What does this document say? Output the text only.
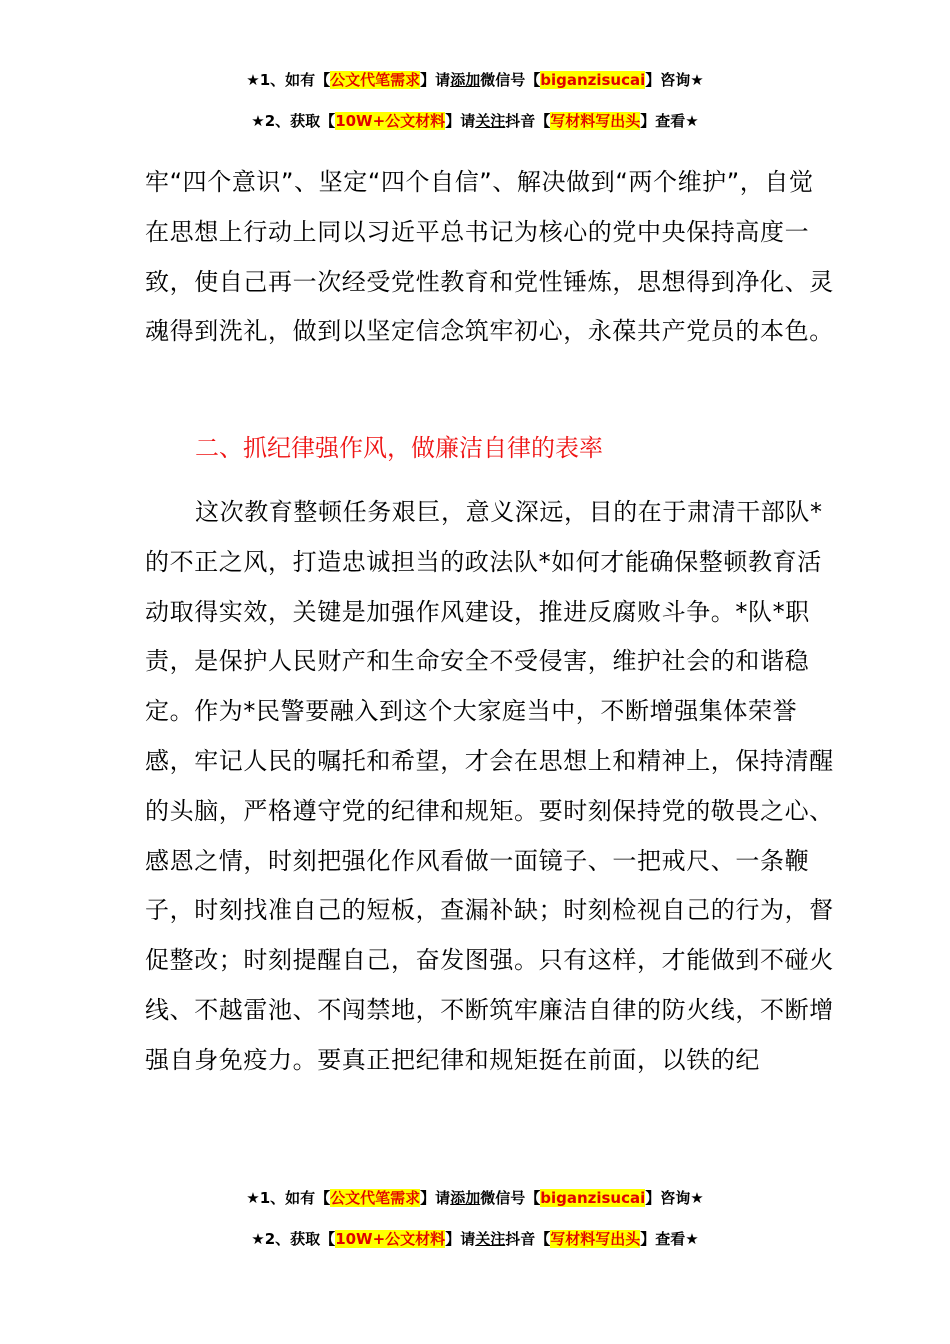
★1、如有【公文代笔需求】请添加微信号【biganzisucai】咨询★
★2、获取【10W+公文材料】请关注抖音【写材料写出头】查看★

牢“四个意识”、坚定“四个自信”、解决做到“两个维护”，自觉在思想上行动上同以习近平总书记为核心的党中央保持高度一致，使自己再一次经受党性教育和党性锤炼，思想得到净化、灵魂得到洗礼，做到以坚定信念筑牢初心，永葆共产党员的本色。

二、抓纪律强作风，做廉洁自律的表率

这次教育整顿任务艰巨，意义深远，目的在于肃清干部队*的不正之风，打造忠诚担当的政法队*如何才能确保整顿教育活动取得实效，关键是加强作风建设，推进反腐败斗争。*队*职责，是保护人民财产和生命安全不受侵害，维护社会的和谐稳定。作为*民警要融入到这个大家庭当中，不断增强集体荣誉感，牢记人民的嘱托和希望，才会在思想上和精神上，保持清醒的头脑，严格遵守党的纪律和规矩。要时刻保持党的敬畏之心、感恩之情，时刻把强化作风看做一面镜子、一把戒尺、一条鞭子，时刻找准自己的短板，查漏补缺；时刻检视自己的行为，督促整改；时刻提醒自己，奋发图强。只有这样，才能做到不碰火线、不越雷池、不闯禁地，不断筑牢廉洁自律的防火线，不断增强自身免疫力。要真正把纪律和规矩挺在前面，以铁的纪

★1、如有【公文代笔需求】请添加微信号【biganzisucai】咨询★
★2、获取【10W+公文材料】请关注抖音【写材料写出头】查看★
